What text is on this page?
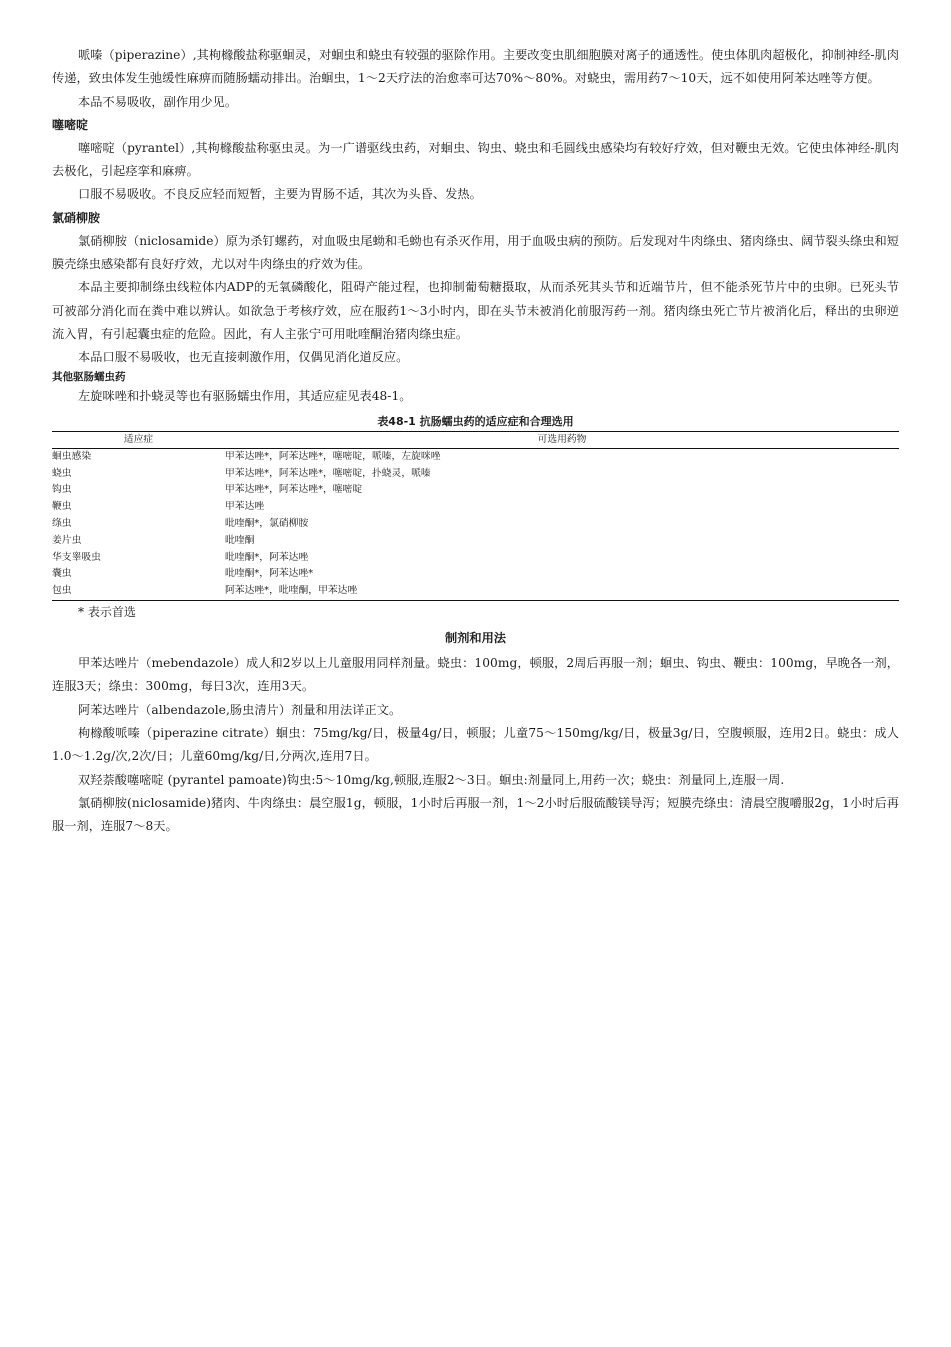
哌嗪（piperazine）,其枸橼酸盐称驱蛔灵，对蛔虫和蛲虫有较强的驱除作用。主要改变虫肌细胞膜对离子的通透性。使虫体肌肉超极化，抑制神经-肌肉传递，致虫体发生弛缓性麻痹而随肠蠕动排出。治蛔虫，1～2天疗法的治愈率可达70%～80%。对蛲虫，需用药7～10天，远不如使用阿苯达唑等方便。

本品不易吸收，副作用少见。

噻嘧啶

噻嘧啶（pyrantel）,其枸橼酸盐称驱虫灵。为一广谱驱线虫药，对蛔虫、钩虫、蛲虫和毛圆线虫感染均有较好疗效，但对鞭虫无效。它使虫体神经-肌肉去极化，引起痉挛和麻痹。

口服不易吸收。不良反应轻而短暂，主要为胃肠不适，其次为头昏、发热。

氯硝柳胺

氯硝柳胺（niclosamide）原为杀钉螺药，对血吸虫尾蚴和毛蚴也有杀灭作用，用于血吸虫病的预防。后发现对牛肉绦虫、猪肉绦虫、阔节裂头绦虫和短膜壳绦虫感染都有良好疗效，尤以对牛肉绦虫的疗效为佳。

本品主要抑制绦虫线粒体内ADP的无氧磷酸化，阻碍产能过程，也抑制葡萄糖摄取，从而杀死其头节和近端节片，但不能杀死节片中的虫卵。已死头节可被部分消化而在粪中难以辨认。如欲急于考核疗效，应在服药1～3小时内，即在头节未被消化前服泻药一剂。猪肉绦虫死亡节片被消化后，释出的虫卵逆流入胃，有引起囊虫症的危险。因此，有人主张宁可用吡喹酮治猪肉绦虫症。

本品口服不易吸收，也无直接刺激作用，仅偶见消化道反应。

其他驱肠蠕虫药

左旋咪唑和扑蛲灵等也有驱肠蠕虫作用，其适应症见表48-1。

表48-1 抗肠蠕虫药的适应症和合理选用
适应症	可选用药物
蛔虫感染	甲苯达唑*，阿苯达唑*，噻嘧啶，哌嗪，左旋咪唑
蛲虫	甲苯达唑*，阿苯达唑*，噻嘧啶，扑蛲灵，哌嗪
钩虫	甲苯达唑*，阿苯达唑*，噻嘧啶
鞭虫	甲苯达唑
绦虫	吡喹酮*，氯硝柳胺
姜片虫	吡喹酮
华支睾吸虫	吡喹酮*，阿苯达唑
囊虫	吡喹酮*，阿苯达唑*
包虫	阿苯达唑*，吡喹酮，甲苯达唑

* 表示首选

制剂和用法

甲苯达唑片（mebendazole）成人和2岁以上儿童服用同样剂量。蛲虫：100mg，顿服，2周后再服一剂；蛔虫、钩虫、鞭虫：100mg，早晚各一剂，连服3天；绦虫：300mg，每日3次，连用3天。

阿苯达唑片（albendazole,肠虫清片）剂量和用法详正文。

枸橼酸哌嗪（piperazine citrate）蛔虫：75mg/kg/日，极量4g/日，顿服；儿童75～150mg/kg/日，极量3g/日，空腹顿服，连用2日。蛲虫：成人1.0～1.2g/次,2次/日；儿童60mg/kg/日,分两次,连用7日。

双羟萘酸噻嘧啶 (pyrantel pamoate)钩虫:5～10mg/kg,顿服,连服2～3日。蛔虫:剂量同上,用药一次；蛲虫：剂量同上,连服一周.

氯硝柳胺(niclosamide)猪肉、牛肉绦虫：晨空服1g，顿服，1小时后再服一剂，1～2小时后服硫酸镁导泻；短膜壳绦虫：清晨空腹嚼服2g，1小时后再服一剂，连服7～8天。
